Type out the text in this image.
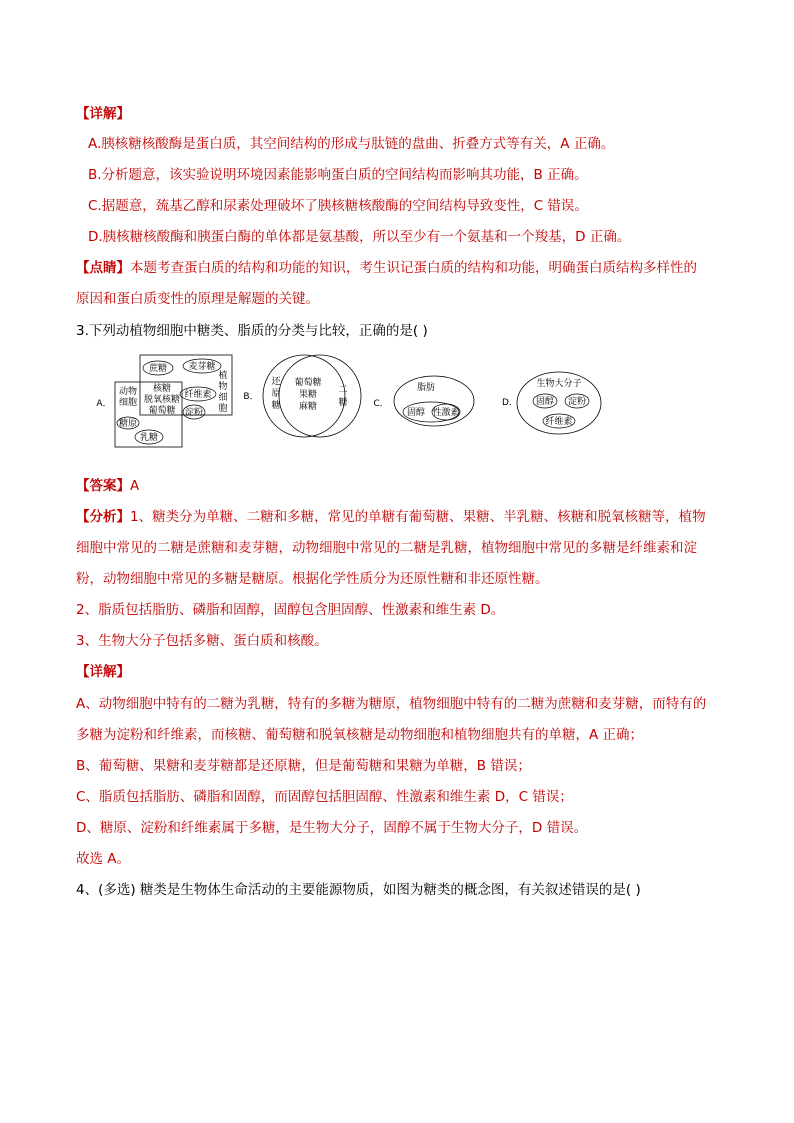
【详解】
A.胰核糖核酸酶是蛋白质，其空间结构的形成与肽链的盘曲、折叠方式等有关，A 正确。
B.分析题意，该实验说明环境因素能影响蛋白质的空间结构而影响其功能，B 正确。
C.据题意，巯基乙醇和尿素处理破坏了胰核糖核酸酶的空间结构导致变性，C 错误。
D.胰核糖核酸酶和胰蛋白酶的单体都是氨基酸，所以至少有一个氨基和一个羧基，D 正确。
【点睛】本题考查蛋白质的结构和功能的知识，考生识记蛋白质的结构和功能，明确蛋白质结构多样性的
原因和蛋白质变性的原理是解题的关键。
3.下列动植物细胞中糖类、脂质的分类与比较，正确的是( )
A．
蔗糖 麦芽糖
纤维素
淀粉
植
物
细
胞
动物
细胞
核糖
脱氧核糖
葡萄糖
糖原
乳糖
B．
还
原
糖
葡萄糖
果糖
麻糖
二
糖	C．
脂肪
固醇 性激素
D．
生物大分子
固醇 淀粉
纤维素
【答案】A
【分析】1、糖类分为单糖、二糖和多糖，常见的单糖有葡萄糖、果糖、半乳糖、核糖和脱氧核糖等，植物
细胞中常见的二糖是蔗糖和麦芽糖，动物细胞中常见的二糖是乳糖，植物细胞中常见的多糖是纤维素和淀
粉，动物细胞中常见的多糖是糖原。根据化学性质分为还原性糖和非还原性糖。
2、脂质包括脂肪、磷脂和固醇，固醇包含胆固醇、性激素和维生素 D。
3、生物大分子包括多糖、蛋白质和核酸。
【详解】
A、动物细胞中特有的二糖为乳糖，特有的多糖为糖原，植物细胞中特有的二糖为蔗糖和麦芽糖，而特有的
多糖为淀粉和纤维素，而核糖、葡萄糖和脱氧核糖是动物细胞和植物细胞共有的单糖，A 正确；
B、葡萄糖、果糖和麦芽糖都是还原糖，但是葡萄糖和果糖为单糖，B 错误；
C、脂质包括脂肪、磷脂和固醇，而固醇包括胆固醇、性激素和维生素 D，C 错误；
D、糖原、淀粉和纤维素属于多糖，是生物大分子，固醇不属于生物大分子，D 错误。
故选 A。
4、(多选) 糖类是生物体生命活动的主要能源物质，如图为糖类的概念图，有关叙述错误的是( )
